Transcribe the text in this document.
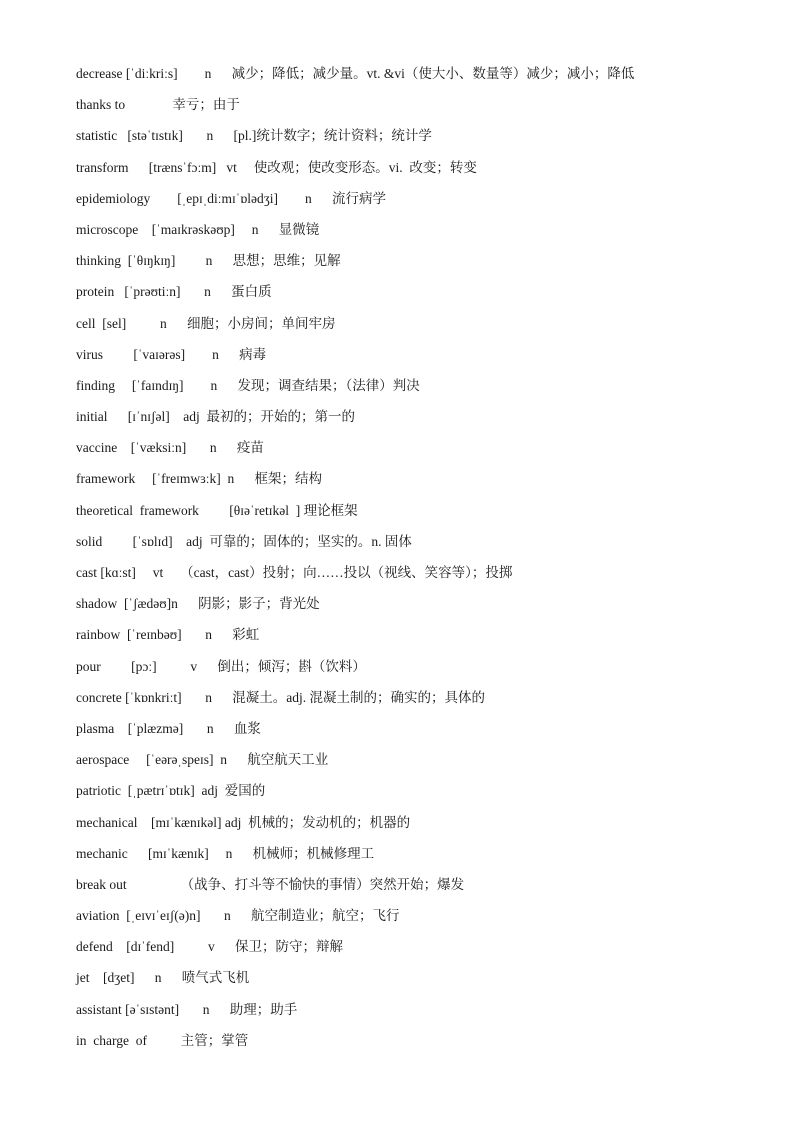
decrease [ˈdiːkriːs]        n      减少；降低；减少量。vt. &vi（使大小、数量等）减少；减小；降低
thanks to              幸亏；由于
statistic   [stəˈtɪstɪk]       n      [pl.]统计数字；统计资料；统计学
transform      [trænsˈfɔːm]   vt     使改观；使改变形态。vi.  改变；转变
epidemiology        [ˌepɪˌdiːmɪˈɒlədʒi]        n      流行病学
microscope    [ˈmaɪkrəskəʊp]     n      显微镜
thinking  [ˈθɪŋkɪŋ]         n      思想；思维；见解
protein   [ˈprəʊtiːn]       n      蛋白质
cell  [sel]          n      细胞；小房间；单间牢房
virus         [ˈvaɪərəs]        n      病毒
finding     [ˈfaɪndɪŋ]        n      发现；调查结果；（法律）判决
initial      [ɪˈnɪʃəl]    adj  最初的；开始的；第一的
vaccine    [ˈvæksiːn]       n      疫苗
framework     [ˈfreɪmwɜːk]  n      框架；结构
theoretical  framework         [θɪəˈretɪkəl  ] 理论框架
solid         [ˈsɒlɪd]    adj  可靠的；固体的；坚实的。n. 固体
cast [kɑːst]     vt     （cast，cast）投射；向……投以（视线、笑容等）；投掷
shadow  [ˈʃædəʊ]n      阴影；影子；背光处
rainbow  [ˈreɪnbəʊ]       n      彩虹
pour         [pɔː]          v      倒出；倾泻；斟（饮料）
concrete [ˈkɒnkriːt]       n      混凝土。adj. 混凝土制的；确实的；具体的
plasma    [ˈplæzmə]       n      血浆
aerospace     [ˈeərəˌspeɪs]  n      航空航天工业
patriotic  [ˌpætrɪˈɒtɪk]  adj  爱国的
mechanical    [mɪˈkænɪkəl] adj  机械的；发动机的；机器的
mechanic      [mɪˈkænɪk]     n      机械师；机械修理工
break out                （战争、打斗等不愉快的事情）突然开始；爆发
aviation  [ˌeɪvɪˈeɪʃ(ə)n]       n      航空制造业；航空；飞行
defend    [dɪˈfend]          v      保卫；防守；辩解
jet    [dʒet]      n      喷气式飞机
assistant [əˈsɪstənt]       n      助理；助手
in  charge  of          主管；掌管
